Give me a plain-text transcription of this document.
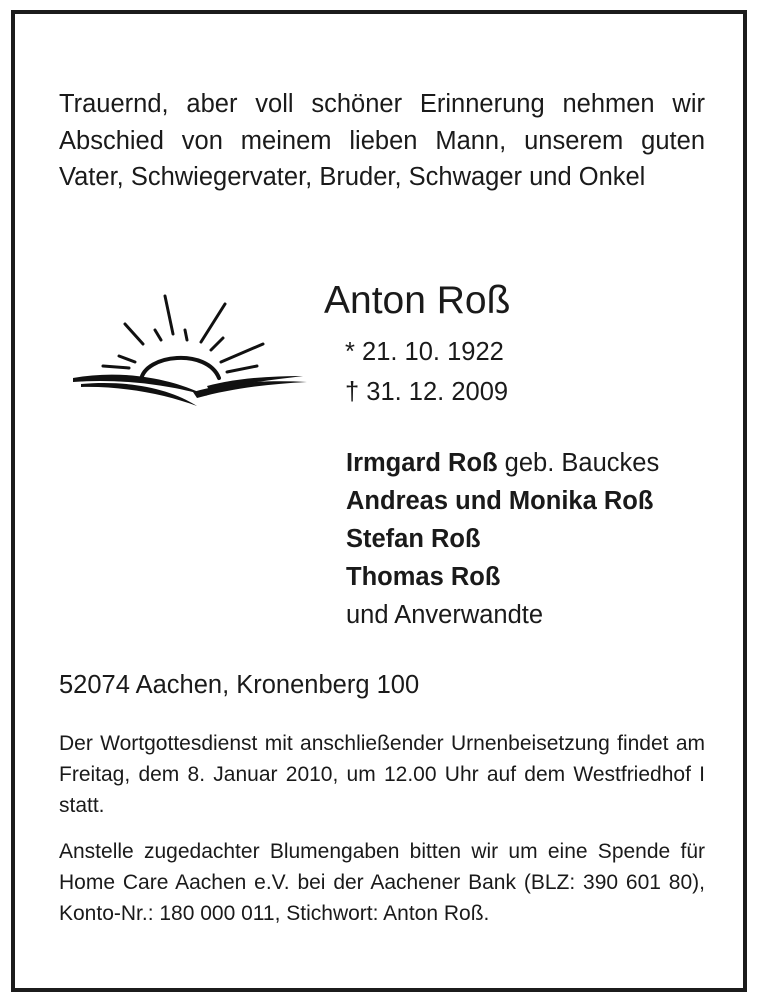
Trauernd, aber voll schöner Erinnerung nehmen wir Abschied von meinem lieben Mann, unserem guten Vater, Schwiegervater, Bruder, Schwager und Onkel
Anton Roß
* 21. 10. 1922
† 31. 12. 2009
Irmgard Roß geb. Bauckes
Andreas und Monika Roß
Stefan Roß
Thomas Roß
und Anverwandte
52074 Aachen, Kronenberg 100
Der Wortgottesdienst mit anschließender Urnenbeisetzung findet am Freitag, dem 8. Januar 2010, um 12.00 Uhr auf dem Westfriedhof I statt.
Anstelle zugedachter Blumengaben bitten wir um eine Spende für Home Care Aachen e.V. bei der Aachener Bank (BLZ: 390 601 80), Konto-Nr.: 180 000 011, Stichwort: Anton Roß.
